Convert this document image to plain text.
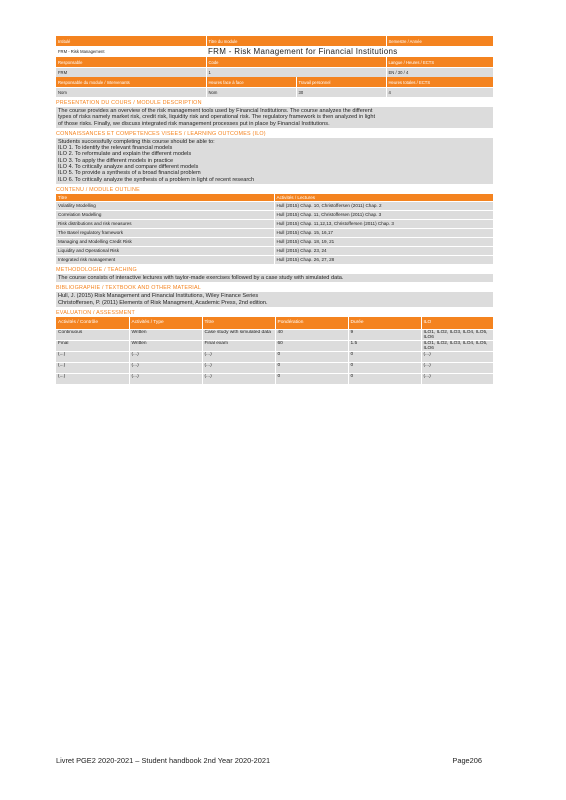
Intitulé	Titre du module	Semestre / Année
FRM - Risk Management	FRM - Risk Management for Financial Institutions	
Responsable	Code	Langue / Heures / ECTS
FRM	1	EN / 30 / 4
Responsable du module / Intervenants	Heures face à face	Travail personnel	Heures totales / ECTS
Nom	Nom	30	4
PRESENTATION DU COURS / MODULE DESCRIPTION
The course provides an overview of the risk management tools used by Financial Institutions. The course analyzes the different
types of risks namely market risk, credit risk, liquidity risk and operational risk. The regulatory framework is then analyzed in light
of those risks. Finally, we discuss integrated risk management processes put in place by Financial Institutions.
CONNAISSANCES ET COMPETENCES VISEES / LEARNING OUTCOMES (ILO)
Students successfully completing this course should be able to:
ILO 1. To identify the relevant financial models
ILO 2. To reformulate and explain the different models
ILO 3. To apply the different models in practice
ILO 4. To critically analyze and compare different models
ILO 5. To provide a synthesis of a broad financial problem
ILO 6. To critically analyze the synthesis of a problem in light of recent research
CONTENU / MODULE OUTLINE
Titre	Activités / Lectures
Volatility Modelling	Hull (2015) Chap. 10, Christoffersen (2011) Chap. 2
Correlation Modelling	Hull (2015) Chap. 11, Christoffersen (2011) Chap. 3
Risk distributions and risk measures	Hull (2015) Chap. 11,12,13, Christoffersen (2011) Chap. 3
The Basel regulatory framework	Hull (2015) Chap. 15, 16,17
Managing and Modelling Credit Risk	Hull (2015) Chap. 18, 19, 21
Liquidity and Operational Risk	Hull (2015) Chap. 23, 24
Integrated risk management	Hull (2015) Chap. 26, 27, 28
METHODOLOGIE / TEACHING
The course consists of interactive lectures with taylor-made exercises followed by a case study with simulated data.
BIBLIOGRAPHIE / TEXTBOOK AND OTHER MATERIAL
Hull, J. (2015) Risk Management and Financial Institutions, Wiley Finance Series
Christoffersen, P. (2011) Elements of Risk Managment, Academic Press, 2nd edition.
EVALUATION / ASSESSMENT
Activités / Contrôle	Activités / Type	Titre	Pondération	Durée	ILO
Continuous	Written	Case study with simulated data	40	9	ILO1, ILO2, ILO3, ILO4, ILO5, ILO6
Final	Written	Final exam	60	1.5	ILO1, ILO2, ILO3, ILO4, ILO5, ILO6
(...)	(...)	(...)	0	0	(...)
(...)	(...)	(...)	0	0	(...)
(...)	(...)	(...)	0	0	(...)
Livret PGE2 2020-2021 – Student handbook 2nd Year 2020-2021	Page206
